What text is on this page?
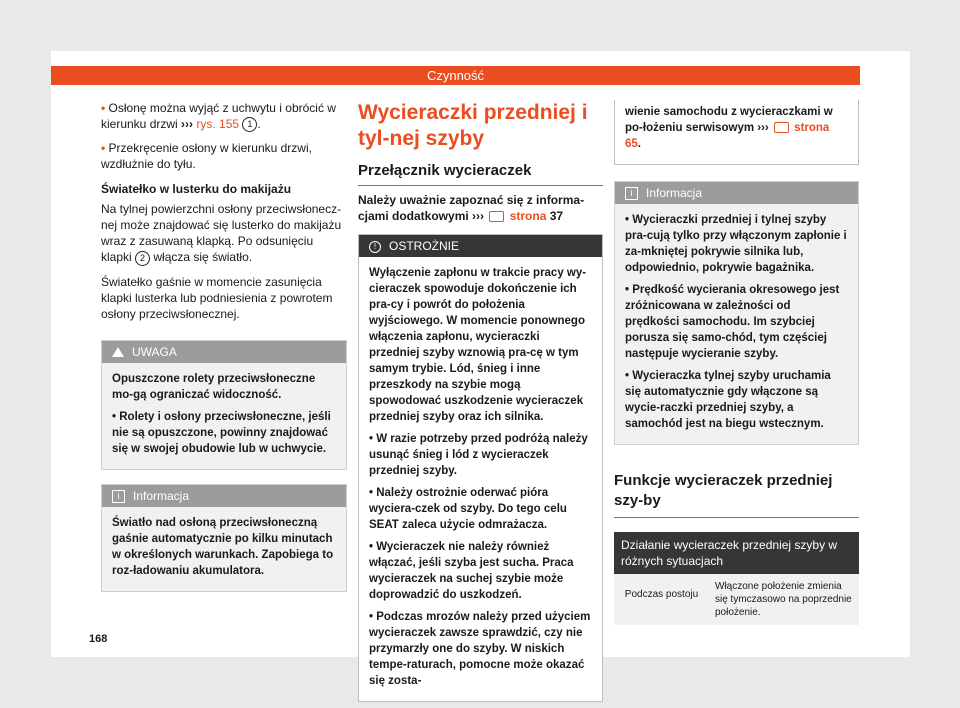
Czynność

• Osłonę można wyjąć z uchwytu i obrócić w kierunku drzwi ››› rys. 155 1 .

• Przekręcenie osłony w kierunku drzwi, wzdłużnie do tyłu.

Światełko w lusterku do makijażu

Na tylnej powierzchni osłony przeciwsłonecz-nej może znajdować się lusterko do makijażu wraz z zasuwaną klapką. Po odsunięciu klapki 2 włącza się światło.

Światełko gaśnie w momencie zasunięcia klapki lusterka lub podniesienia z powrotem osłony przeciwsłonecznej.

UWAGA

Opuszczone rolety przeciwsłoneczne mo-gą ograniczać widoczność.

• Rolety i osłony przeciwsłoneczne, jeśli nie są opuszczone, powinny znajdować się w swojej obudowie lub w uchwycie.

i Informacja

Światło nad osłoną przeciwsłoneczną gaśnie automatycznie po kilku minutach w określonych warunkach. Zapobiega to roz-ładowaniu akumulatora.

Wycieraczki przedniej i tyl-nej szyby
Przełącznik wycieraczek

Należy uważnie zapoznać się z informa-cjami dodatkowymi ››› strona 37

! OSTROŻNIE

Wyłączenie zapłonu w trakcie pracy wy-cieraczek spowoduje dokończenie ich pra-cy i powrót do położenia wyjściowego. W momencie ponownego włączenia zapłonu, wycieraczki przedniej szyby wznowią pra-cę w tym samym trybie. Lód, śnieg i inne przeszkody na szybie mogą spowodować uszkodzenie wycieraczek przedniej szyby oraz ich silnika.

• W razie potrzeby przed podróżą należy usunąć śnieg i lód z wycieraczek przedniej szyby.

• Należy ostrożnie oderwać pióra wyciera-czek od szyby. Do tego celu SEAT zaleca użycie odmrażacza.

• Wycieraczek nie należy również włączać, jeśli szyba jest sucha. Praca wycieraczek na suchej szybie może doprowadzić do uszkodzeń.

• Podczas mrozów należy przed użyciem wycieraczek zawsze sprawdzić, czy nie przymarzły one do szyby. W niskich tempe-raturach, pomocne może okazać się zosta-

wienie samochodu z wycieraczkami w po-łożeniu serwisowym ››› strona 65.

i Informacja

• Wycieraczki przedniej i tylnej szyby pra-cują tylko przy włączonym zapłonie i za-mkniętej pokrywie silnika lub, odpowiednio, pokrywie bagażnika.

• Prędkość wycierania okresowego jest zróżnicowana w zależności od prędkości samochodu. Im szybciej porusza się samo-chód, tym częściej następuje wycieranie szyby.

• Wycieraczka tylnej szyby uruchamia się automatycznie gdy włączone są wycie-raczki przedniej szyby, a samochód jest na biegu wstecznym.

Funkcje wycieraczek przedniej szy-by
Działanie wycieraczek przedniej szyby w różnych sytuacjach
Podczas postoju
Włączone położenie zmienia się tymczasowo na poprzednie położenie.
168
